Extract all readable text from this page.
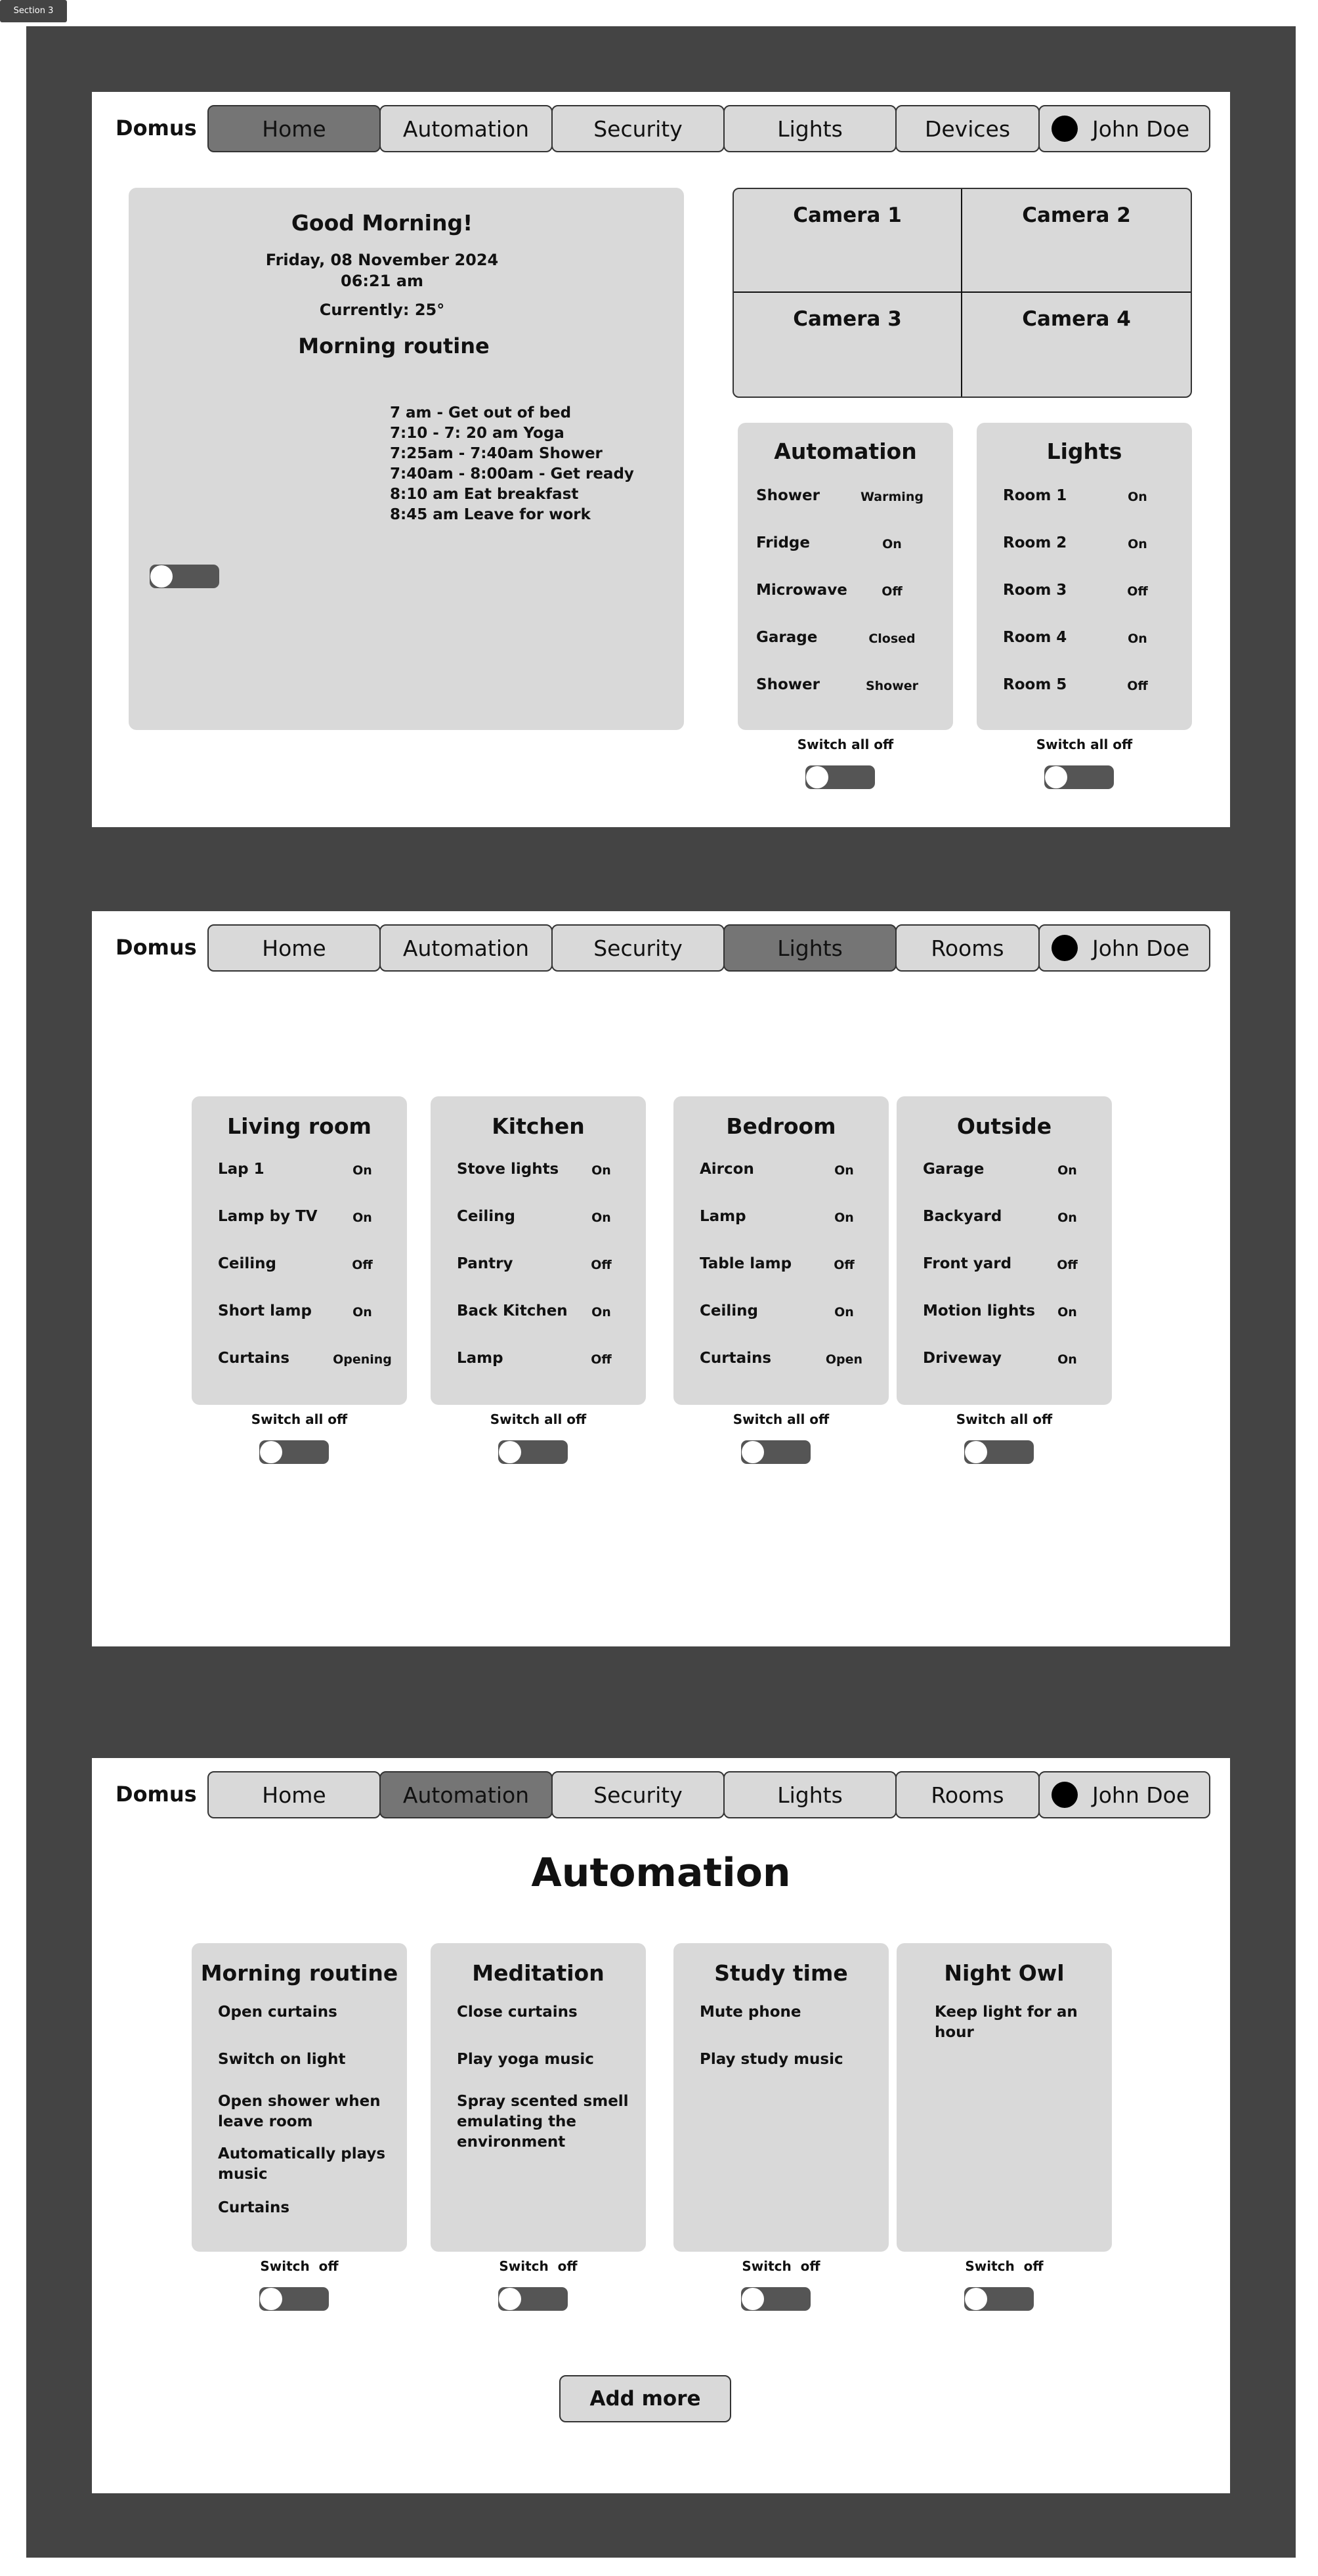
Section 3
Domus	Home	Automation	Security	Lights	Devices	John Doe
Good Morning!
Friday, 08 November 2024
06:21 am
Currently: 25°
Morning routine
7 am - Get out of bed
7:10 - 7: 20 am Yoga
7:25am - 7:40am Shower
7:40am - 8:00am - Get ready
8:10 am Eat breakfast
8:45 am Leave for work
Camera 1	Camera 2
Camera 3	Camera 4
Automation
Shower	Warming
Fridge	On
Microwave	Off
Garage	Closed
Shower	Shower
Switch all off
Lights
Room 1	On
Room 2	On
Room 3	Off
Room 4	On
Room 5	Off
Switch all off
Domus	Home	Automation	Security	Lights	Rooms	John Doe
Living room
Lap 1	On
Lamp by TV	On
Ceiling	Off
Short lamp	On
Curtains	Opening
Switch all off
Kitchen
Stove lights	On
Ceiling	On
Pantry	Off
Back Kitchen	On
Lamp	Off
Switch all off
Bedroom
Aircon	On
Lamp	On
Table lamp	Off
Ceiling	On
Curtains	Open
Switch all off
Outside
Garage	On
Backyard	On
Front yard	Off
Motion lights	On
Driveway	On
Switch all off
Domus	Home	Automation	Security	Lights	Rooms	John Doe
Automation
Morning routine
Open curtains
Switch on light
Open shower when leave room
Automatically plays music
Curtains
Switch  off
Meditation
Close curtains
Play yoga music
Spray scented smell emulating the environment
Switch  off
Study time
Mute phone
Play study music
Switch  off
Night Owl
Keep light for an hour
Switch  off
Add more
